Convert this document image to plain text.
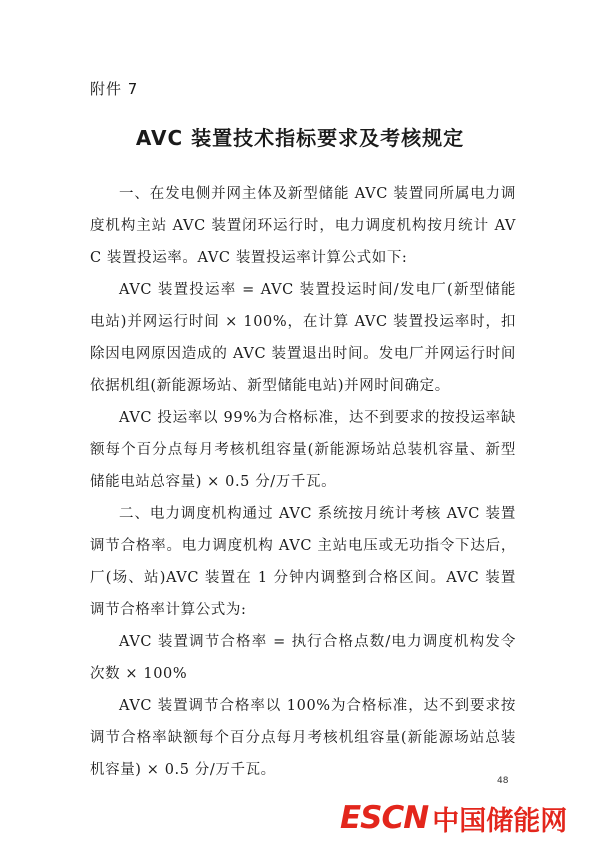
附件 7
AVC 装置技术指标要求及考核规定

一、在发电侧并网主体及新型储能 AVC 装置同所属电力调度机构主站 AVC 装置闭环运行时，电力调度机构按月统计 AVC 装置投运率。AVC 装置投运率计算公式如下:

AVC 装置投运率 = AVC 装置投运时间/发电厂(新型储能电站)并网运行时间 × 100%，在计算 AVC 装置投运率时，扣除因电网原因造成的 AVC 装置退出时间。发电厂并网运行时间依据机组(新能源场站、新型储能电站)并网时间确定。

AVC 投运率以 99%为合格标准，达不到要求的按投运率缺额每个百分点每月考核机组容量(新能源场站总装机容量、新型储能电站总容量) × 0.5 分/万千瓦。

二、电力调度机构通过 AVC 系统按月统计考核 AVC 装置调节合格率。电力调度机构 AVC 主站电压或无功指令下达后，厂(场、站)AVC 装置在 1 分钟内调整到合格区间。AVC 装置调节合格率计算公式为:

AVC 装置调节合格率 = 执行合格点数/电力调度机构发令次数 × 100%

AVC 装置调节合格率以 100%为合格标准，达不到要求按调节合格率缺额每个百分点每月考核机组容量(新能源场站总装机容量) × 0.5 分/万千瓦。

48
ESCN 中国储能网
